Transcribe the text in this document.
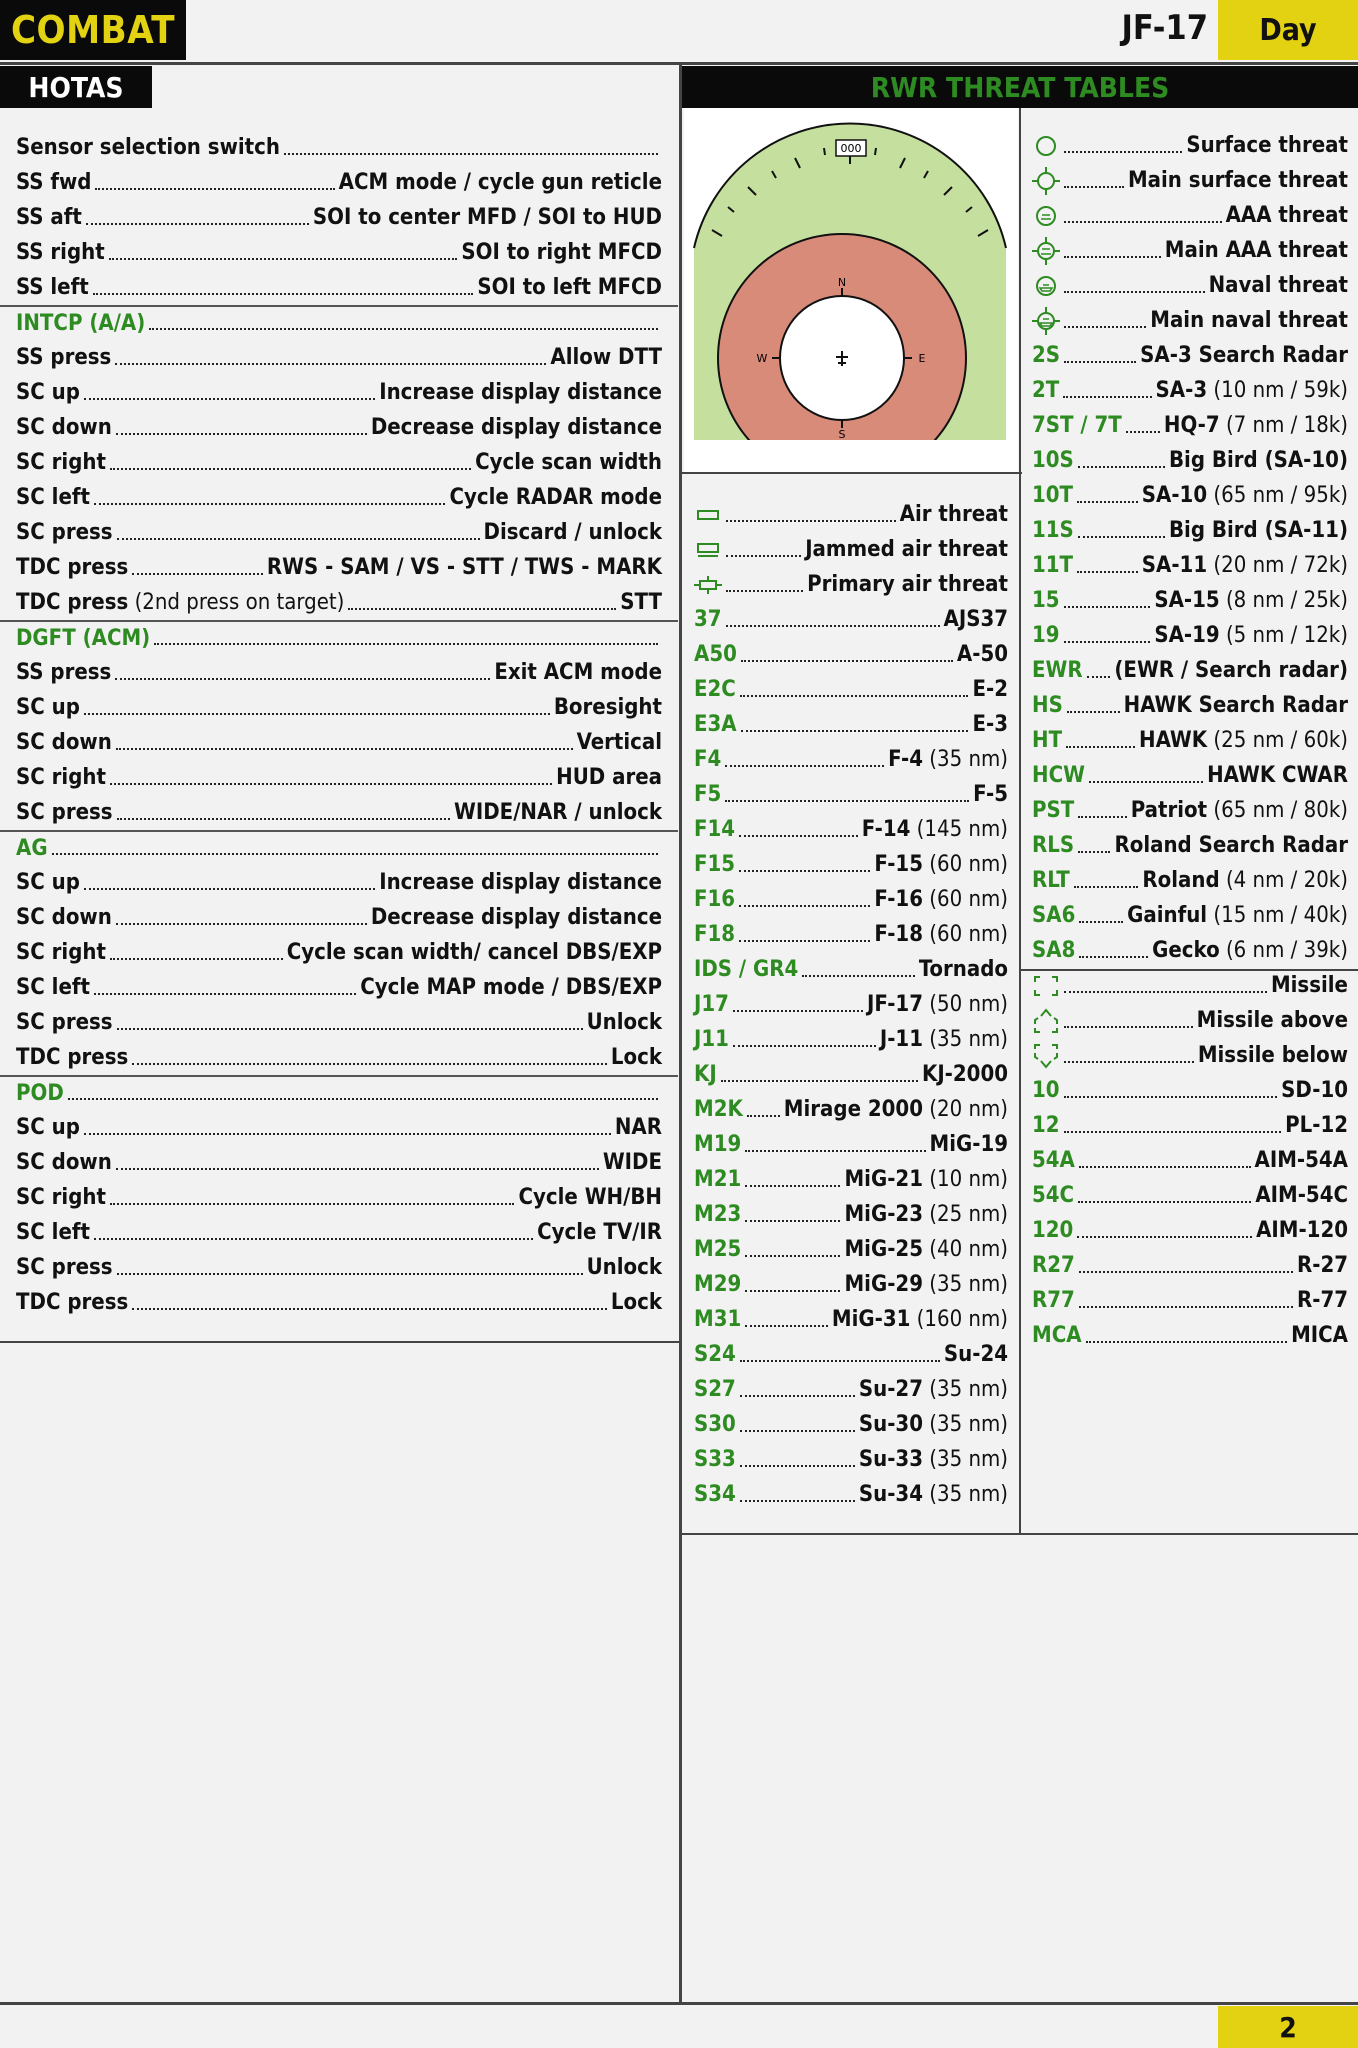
COMBAT	JF-17	Day
HOTAS
Sensor selection switch
SS fwd	ACM mode / cycle gun reticle
SS aft	SOI to center MFD / SOI to HUD
SS right	SOI to right MFCD
SS left	SOI to left MFCD
INTCP (A/A)
SS press	Allow DTT
SC up	Increase display distance
SC down	Decrease display distance
SC right	Cycle scan width
SC left	Cycle RADAR mode
SC press	Discard / unlock
TDC press	RWS - SAM / VS - STT / TWS - MARK
TDC press (2nd press on target)	STT
DGFT (ACM)
SS press	Exit ACM mode
SC up	Boresight
SC down	Vertical
SC right	HUD area
SC press	WIDE/NAR / unlock
AG
SC up	Increase display distance
SC down	Decrease display distance
SC right	Cycle scan width/ cancel DBS/EXP
SC left	Cycle MAP mode / DBS/EXP
SC press	Unlock
TDC press	Lock
POD
SC up	NAR
SC down	WIDE
SC right	Cycle WH/BH
SC left	Cycle TV/IR
SC press	Unlock
TDC press	Lock
RWR THREAT TABLES
000
N
S
W	E
Air threat
Jammed air threat
Primary air threat
37	AJS37
A50	A-50
E2C	E-2
E3A	E-3
F4	F-4 (35 nm)
F5	F-5
F14	F-14 (145 nm)
F15	F-15 (60 nm)
F16	F-16 (60 nm)
F18	F-18 (60 nm)
IDS / GR4	Tornado
J17	JF-17 (50 nm)
J11	J-11 (35 nm)
KJ	KJ-2000
M2K Mirage 2000 (20 nm)
M19	MiG-19
M21	MiG-21 (10 nm)
M23	MiG-23 (25 nm)
M25	MiG-25 (40 nm)
M29	MiG-29 (35 nm)
M31	MiG-31 (160 nm)
S24	Su-24
S27	Su-27 (35 nm)
S30	Su-30 (35 nm)
S33	Su-33 (35 nm)
S34	Su-34 (35 nm)
Surface threat
Main surface threat
AAA threat
Main AAA threat
Naval threat
Main naval threat
2S	SA-3 Search Radar
2T	SA-3 (10 nm / 59k)
7ST / 7T HQ-7 (7 nm / 18k)
10S	Big Bird (SA-10)
10T	SA-10 (65 nm / 95k)
11S	Big Bird (SA-11)
11T	SA-11 (20 nm / 72k)
15	SA-15 (8 nm / 25k)
19	SA-19 (5 nm / 12k)
EWR (EWR / Search radar)
HS	HAWK Search Radar
HT	HAWK (25 nm / 60k)
HCW	HAWK CWAR
PST	Patriot (65 nm / 80k)
RLS Roland Search Radar
RLT	Roland (4 nm / 20k)
SA6 Gainful (15 nm / 40k)
SA8	Gecko (6 nm / 39k)
Missile
Missile above
Missile below
10	SD-10
12	PL-12
54A	AIM-54A
54C	AIM-54C
120	AIM-120
R27	R-27
R77	R-77
MCA	MICA
2
